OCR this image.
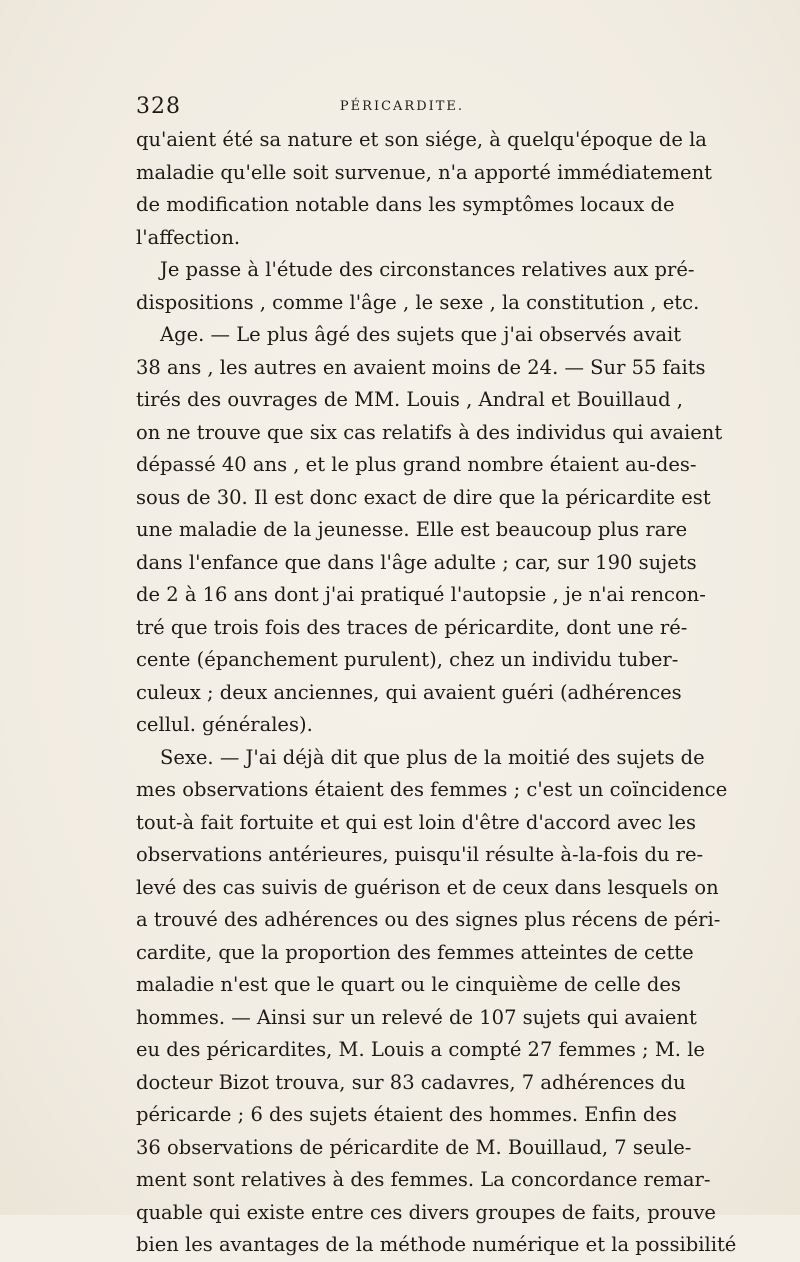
328	PÉRICARDITE.
qu'aient été sa nature et son siége, à quelqu'époque de la
maladie qu'elle soit survenue, n'a apporté immédiatement
de modification notable dans les symptômes locaux de
l'affection.
Je passe à l'étude des circonstances relatives aux pré-
dispositions , comme l'âge , le sexe , la constitution , etc.
Age. — Le plus âgé des sujets que j'ai observés avait
38 ans , les autres en avaient moins de 24. — Sur 55 faits
tirés des ouvrages de MM. Louis , Andral et Bouillaud ,
on ne trouve que six cas relatifs à des individus qui avaient
dépassé 40 ans , et le plus grand nombre étaient au-des-
sous de 30. Il est donc exact de dire que la péricardite est
une maladie de la jeunesse. Elle est beaucoup plus rare
dans l'enfance que dans l'âge adulte ; car, sur 190 sujets
de 2 à 16 ans dont j'ai pratiqué l'autopsie , je n'ai rencon-
tré que trois fois des traces de péricardite, dont une ré-
cente (épanchement purulent), chez un individu tuber-
culeux ; deux anciennes, qui avaient guéri (adhérences
cellul. générales).
Sexe. — J'ai déjà dit que plus de la moitié des sujets de
mes observations étaient des femmes ; c'est un coïncidence
tout-à fait fortuite et qui est loin d'être d'accord avec les
observations antérieures, puisqu'il résulte à-la-fois du re-
levé des cas suivis de guérison et de ceux dans lesquels on
a trouvé des adhérences ou des signes plus récens de péri-
cardite, que la proportion des femmes atteintes de cette
maladie n'est que le quart ou le cinquième de celle des
hommes. — Ainsi sur un relevé de 107 sujets qui avaient
eu des péricardites, M. Louis a compté 27 femmes ; M. le
docteur Bizot trouva, sur 83 cadavres, 7 adhérences du
péricarde ; 6 des sujets étaient des hommes. Enfin des
36 observations de péricardite de M. Bouillaud, 7 seule-
ment sont relatives à des femmes. La concordance remar-
quable qui existe entre ces divers groupes de faits, prouve
bien les avantages de la méthode numérique et la possibilité
